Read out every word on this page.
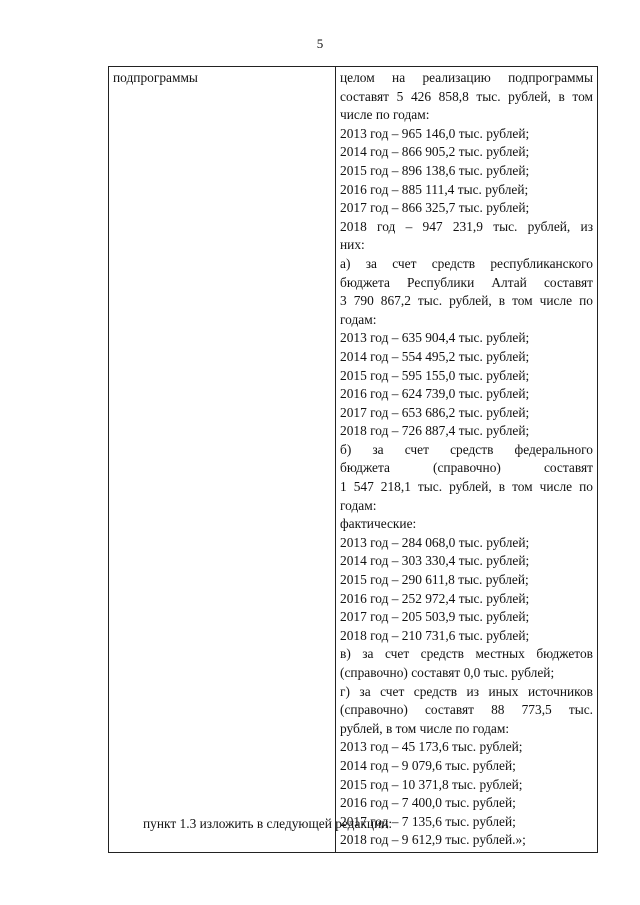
5
подпрограммы	целом на реализацию подпрограммы
составят 5 426 858,8 тыс. рублей, в том
числе по годам:
2013 год – 965 146,0 тыс. рублей;
2014 год – 866 905,2 тыс. рублей;
2015 год – 896 138,6 тыс. рублей;
2016 год – 885 111,4 тыс. рублей;
2017 год – 866 325,7 тыс. рублей;
2018 год – 947 231,9 тыс. рублей, из
них:
а) за счет средств республиканского
бюджета Республики Алтай составят
3 790 867,2 тыс. рублей, в том числе по
годам:
2013 год – 635 904,4 тыс. рублей;
2014 год – 554 495,2 тыс. рублей;
2015 год – 595 155,0 тыс. рублей;
2016 год – 624 739,0 тыс. рублей;
2017 год – 653 686,2 тыс. рублей;
2018 год – 726 887,4 тыс. рублей;
б) за счет средств федерального
бюджета (справочно) составят
1 547 218,1 тыс. рублей, в том числе по
годам:
фактические:
2013 год – 284 068,0 тыс. рублей;
2014 год – 303 330,4 тыс. рублей;
2015 год – 290 611,8 тыс. рублей;
2016 год – 252 972,4 тыс. рублей;
2017 год – 205 503,9 тыс. рублей;
2018 год – 210 731,6 тыс. рублей;
в) за счет средств местных бюджетов
(справочно) составят 0,0 тыс. рублей;
г) за счет средств из иных источников
(справочно) составят 88 773,5 тыс.
рублей, в том числе по годам:
2013 год – 45 173,6 тыс. рублей;
2014 год – 9 079,6 тыс. рублей;
2015 год – 10 371,8 тыс. рублей;
2016 год – 7 400,0 тыс. рублей;
2017 год – 7 135,6 тыс. рублей;
2018 год – 9 612,9 тыс. рублей.»;
пункт 1.3 изложить в следующей редакции:
